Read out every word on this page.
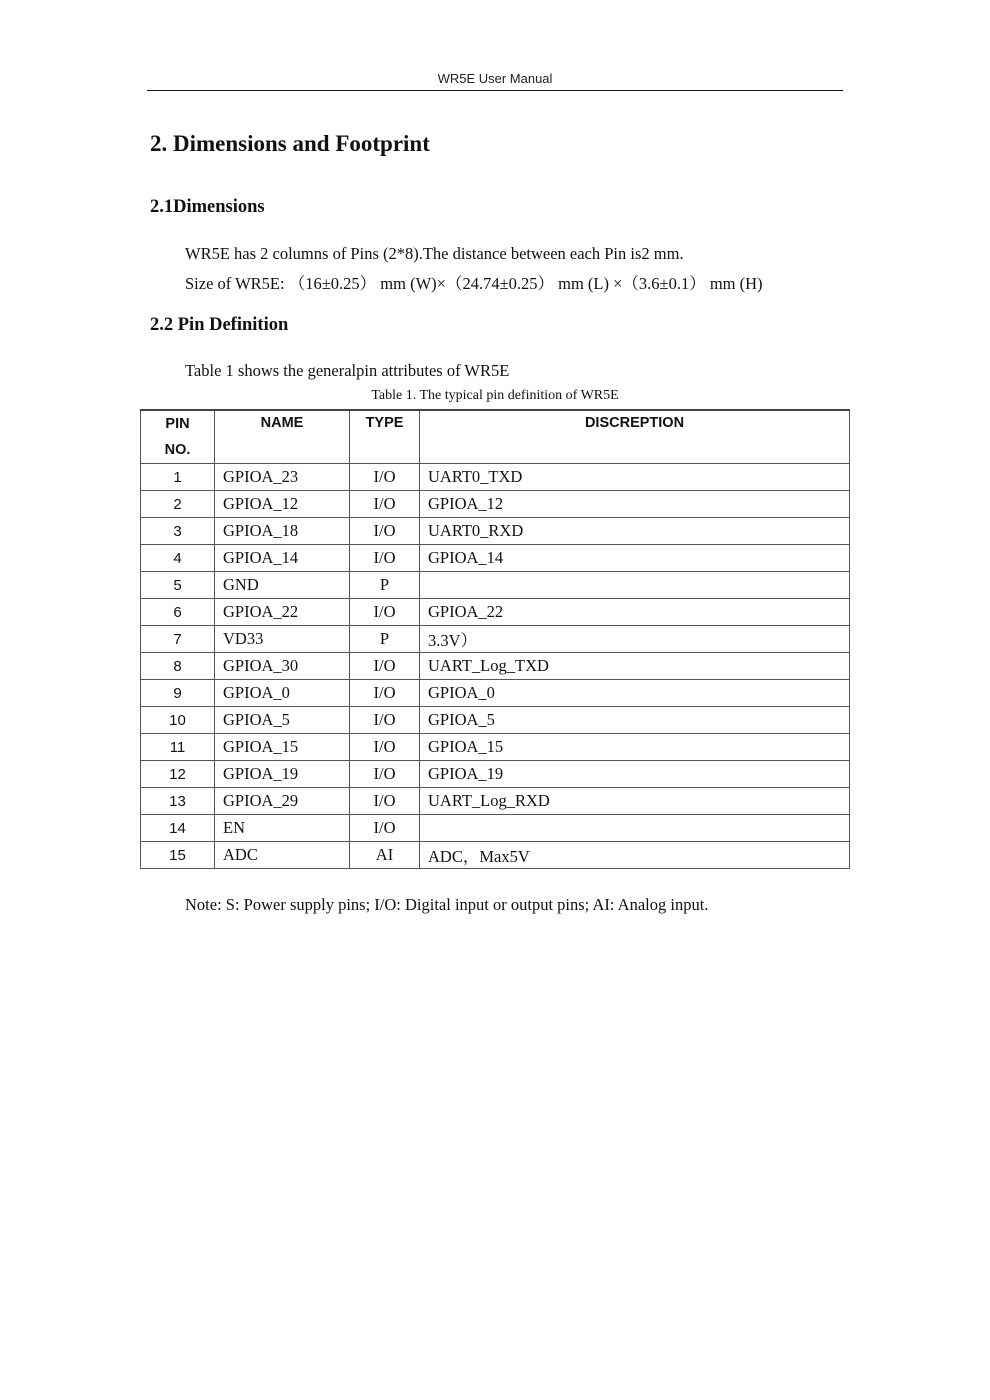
WR5E User Manual
2. Dimensions and Footprint
2.1Dimensions
WR5E has 2 columns of Pins (2*8).The distance between each Pin is2 mm.
Size of WR5E: （16±0.25） mm (W)×（24.74±0.25） mm (L) ×（3.6±0.1） mm (H)
2.2 Pin Definition
Table 1 shows the generalpin attributes of WR5E
Table 1. The typical pin definition of WR5E
PIN
NO.	NAME	TYPE	DISCREPTION
1	GPIOA_23	I/O	UART0_TXD
2	GPIOA_12	I/O	GPIOA_12
3	GPIOA_18	I/O	UART0_RXD
4	GPIOA_14	I/O	GPIOA_14
5	GND	P	
6	GPIOA_22	I/O	GPIOA_22
7	VD33	P	3.3V）
8	GPIOA_30	I/O	UART_Log_TXD
9	GPIOA_0	I/O	GPIOA_0
10	GPIOA_5	I/O	GPIOA_5
11	GPIOA_15	I/O	GPIOA_15
12	GPIOA_19	I/O	GPIOA_19
13	GPIOA_29	I/O	UART_Log_RXD
14	EN	I/O	
15	ADC	AI	ADC，Max5V
Note: S: Power supply pins; I/O: Digital input or output pins; AI: Analog input.
